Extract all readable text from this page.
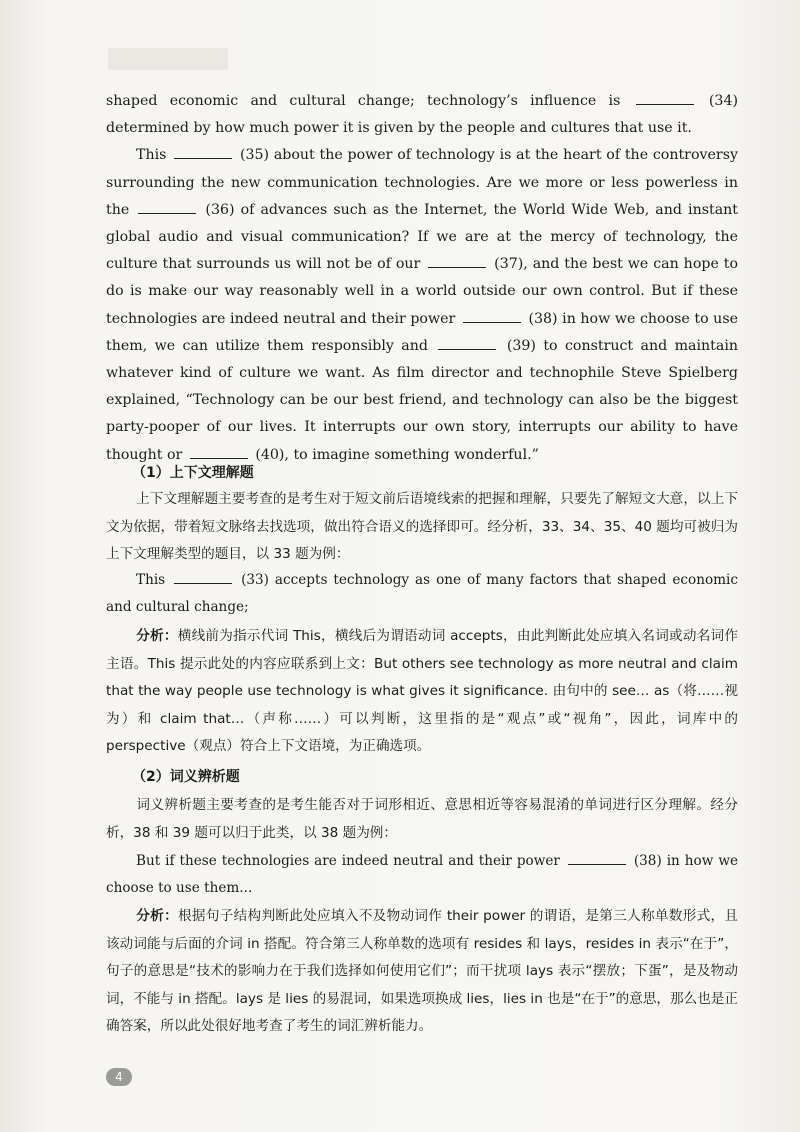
shaped economic and cultural change; technology’s influence is	(34) determined by how much power it is given by the people and cultures that use it.
This	(35) about the power of technology is at the heart of the controversy surrounding the new communication technologies. Are we more or less powerless in the	(36) of advances such as the Internet, the World Wide Web, and instant global audio and visual communication? If we are at the mercy of technology, the culture that surrounds us will not be of our	(37), and the best we can hope to do is make our way reasonably well in a world outside our own control. But if these technologies are indeed neutral and their power	(38) in how we choose to use them, we can utilize them responsibly and	(39) to construct and maintain whatever kind of culture we want. As film director and technophile Steve Spielberg explained, “Technology can be our best friend, and technology can also be the biggest party-pooper of our lives. It interrupts our own story, interrupts our ability to have thought or	(40), to imagine something wonderful.”
（1）上下文理解题
上下文理解题主要考查的是考生对于短文前后语境线索的把握和理解，只要先了解短文大意，以上下文为依据，带着短文脉络去找选项，做出符合语义的选择即可。经分析，33、34、35、40 题均可被归为上下文理解类型的题目，以 33 题为例：
This	(33) accepts technology as one of many factors that shaped economic and cultural change;
分析：横线前为指示代词 This，横线后为谓语动词 accepts，由此判断此处应填入名词或动名词作主语。This 提示此处的内容应联系到上文：But others see technology as more neutral and claim that the way people use technology is what gives it significance. 由句中的 see… as（将……视为）和 claim that…（声称……）可以判断，这里指的是“观点”或“视角”，因此，词库中的 perspective（观点）符合上下文语境，为正确选项。
（2）词义辨析题
词义辨析题主要考查的是考生能否对于词形相近、意思相近等容易混淆的单词进行区分理解。经分析，38 和 39 题可以归于此类，以 38 题为例：
But if these technologies are indeed neutral and their power	(38) in how we choose to use them...
分析：根据句子结构判断此处应填入不及物动词作 their power 的谓语，是第三人称单数形式，且该动词能与后面的介词 in 搭配。符合第三人称单数的选项有 resides 和 lays，resides in 表示“在于”，句子的意思是“技术的影响力在于我们选择如何使用它们”；而干扰项 lays 表示“摆放；下蛋”，是及物动词，不能与 in 搭配。lays 是 lies 的易混词，如果选项换成 lies，lies in 也是“在于”的意思，那么也是正确答案，所以此处很好地考查了考生的词汇辨析能力。
4
